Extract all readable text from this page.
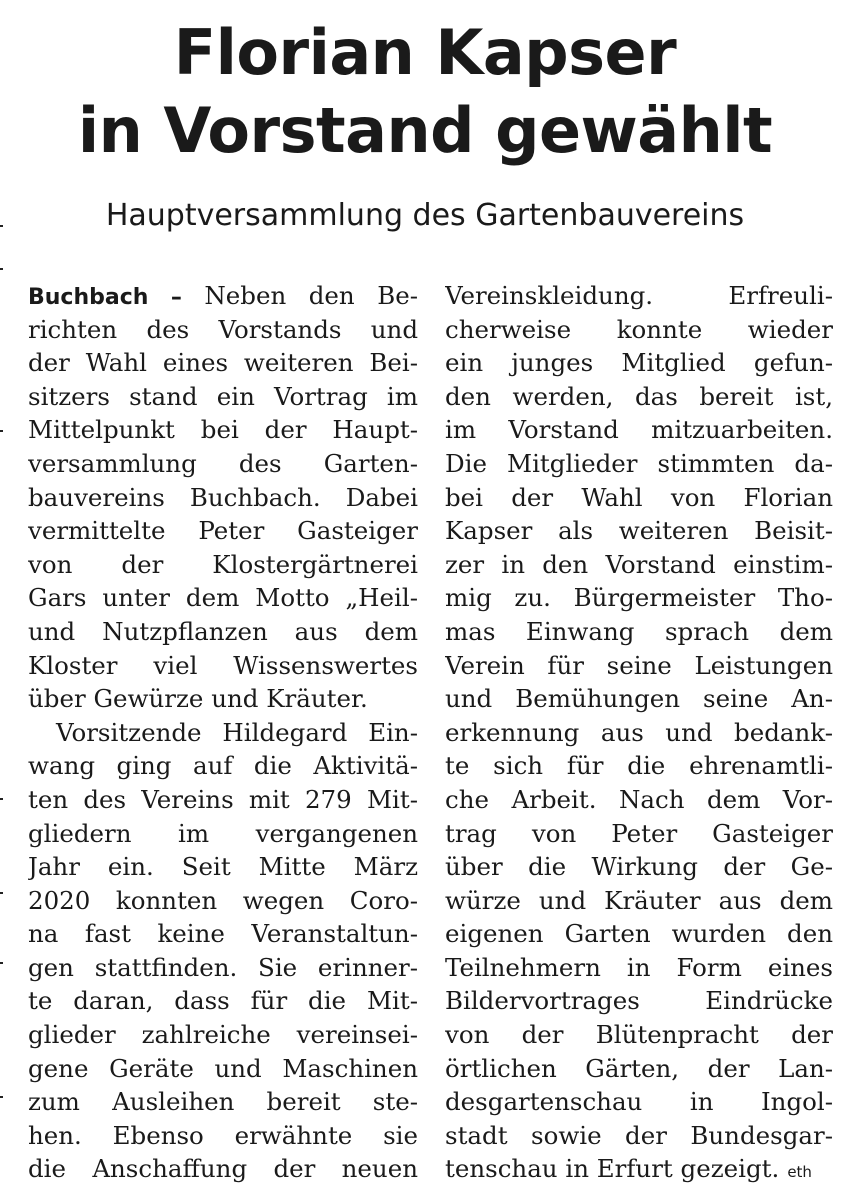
Florian Kapser
in Vorstand gewählt
Hauptversammlung des Gartenbauvereins
Buchbach – Neben den Be-
richten des Vorstands und
der Wahl eines weiteren Bei-
sitzers stand ein Vortrag im
Mittelpunkt bei der Haupt-
versammlung des Garten-
bauvereins Buchbach. Dabei
vermittelte Peter Gasteiger
von der Klostergärtnerei
Gars unter dem Motto „Heil-
und Nutzpflanzen aus dem
Kloster viel Wissenswertes
über Gewürze und Kräuter.
Vorsitzende Hildegard Ein-
wang ging auf die Aktivitä-
ten des Vereins mit 279 Mit-
gliedern im vergangenen
Jahr ein. Seit Mitte März
2020 konnten wegen Coro-
na fast keine Veranstaltun-
gen stattfinden. Sie erinner-
te daran, dass für die Mit-
glieder zahlreiche vereinsei-
gene Geräte und Maschinen
zum Ausleihen bereit ste-
hen. Ebenso erwähnte sie
die Anschaffung der neuen
Vereinskleidung. Erfreuli-
cherweise konnte wieder
ein junges Mitglied gefun-
den werden, das bereit ist,
im Vorstand mitzuarbeiten.
Die Mitglieder stimmten da-
bei der Wahl von Florian
Kapser als weiteren Beisit-
zer in den Vorstand einstim-
mig zu. Bürgermeister Tho-
mas Einwang sprach dem
Verein für seine Leistungen
und Bemühungen seine An-
erkennung aus und bedank-
te sich für die ehrenamtli-
che Arbeit. Nach dem Vor-
trag von Peter Gasteiger
über die Wirkung der Ge-
würze und Kräuter aus dem
eigenen Garten wurden den
Teilnehmern in Form eines
Bildervortrages Eindrücke
von der Blütenpracht der
örtlichen Gärten, der Lan-
desgartenschau in Ingol-
stadt sowie der Bundesgar-
tenschau in Erfurt gezeigt. eth
